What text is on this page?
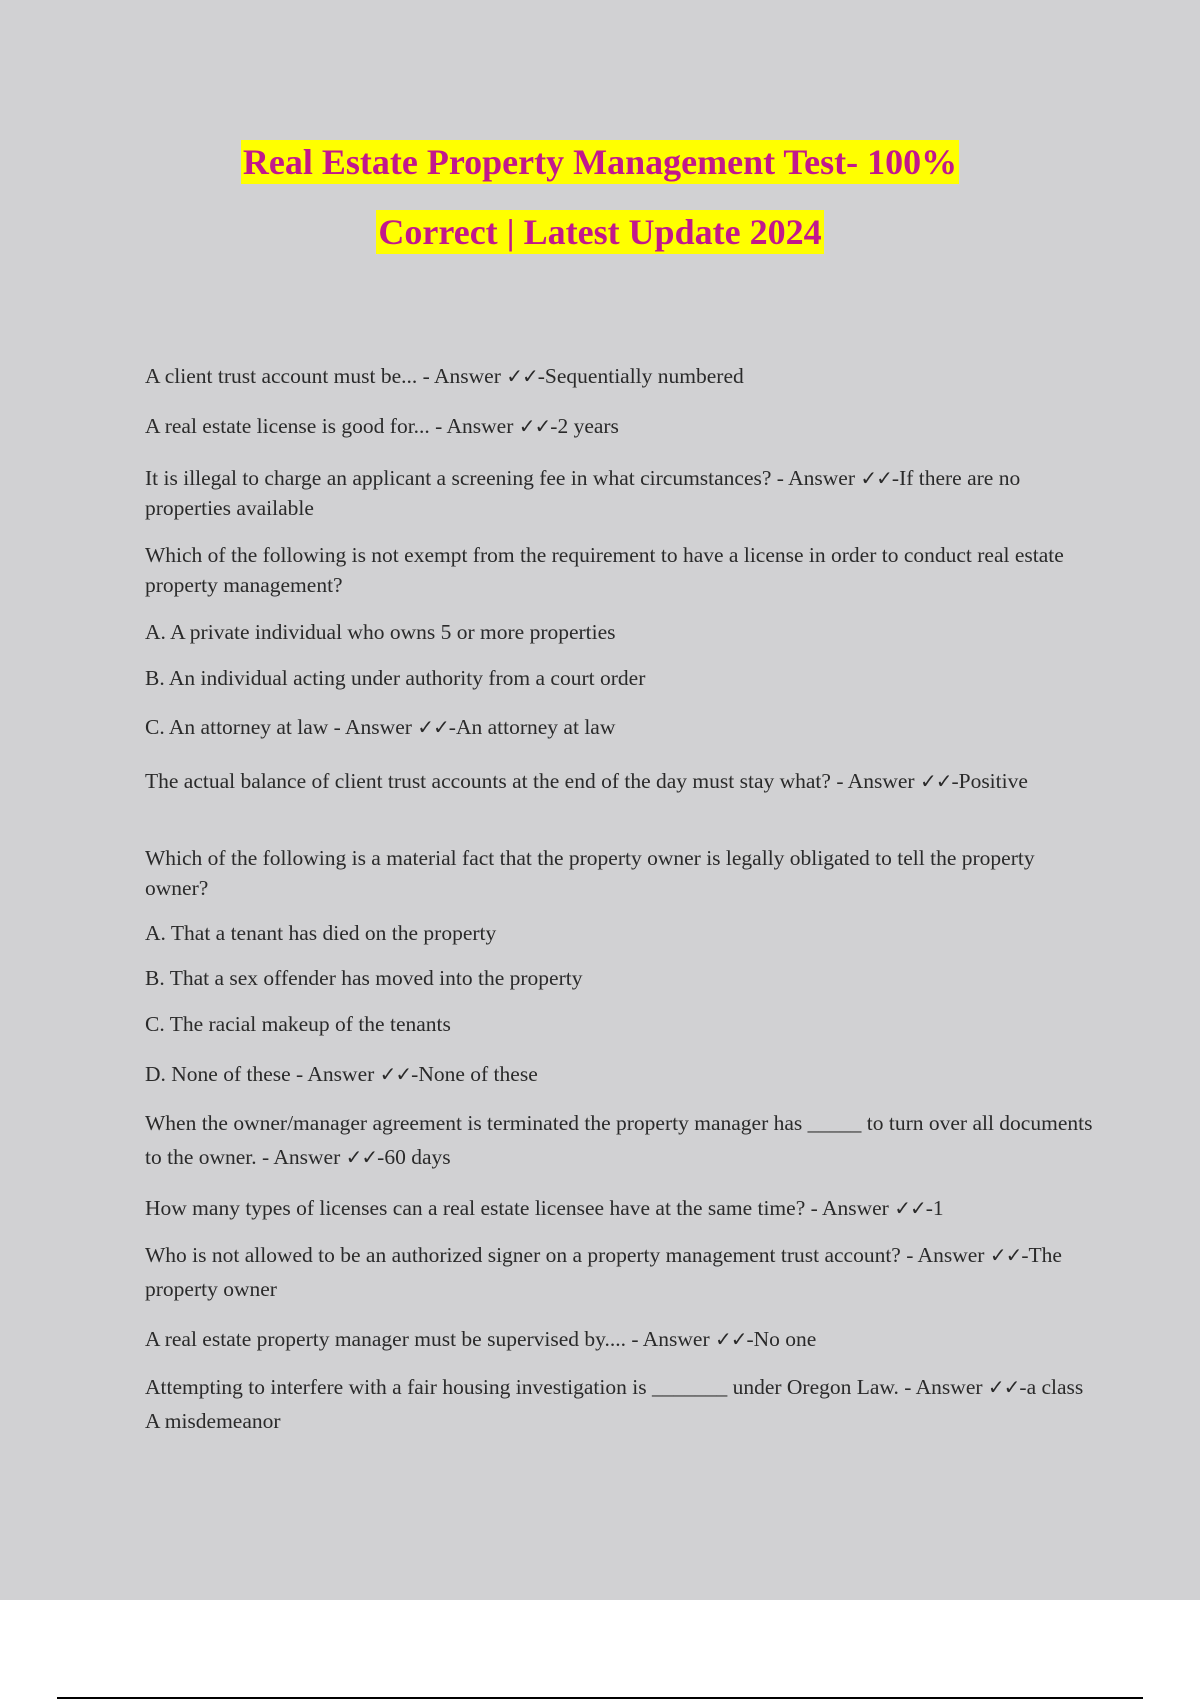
Real Estate Property Management Test- 100%
Correct | Latest Update 2024

A client trust account must be... - Answer ✓✓-Sequentially numbered

A real estate license is good for... - Answer ✓✓-2 years

It is illegal to charge an applicant a screening fee in what circumstances? - Answer ✓✓-If there are no properties available

Which of the following is not exempt from the requirement to have a license in order to conduct real estate property management?

A. A private individual who owns 5 or more properties

B. An individual acting under authority from a court order

C. An attorney at law - Answer ✓✓-An attorney at law

The actual balance of client trust accounts at the end of the day must stay what? - Answer ✓✓-Positive

Which of the following is a material fact that the property owner is legally obligated to tell the property owner?

A. That a tenant has died on the property

B. That a sex offender has moved into the property

C. The racial makeup of the tenants

D. None of these - Answer ✓✓-None of these

When the owner/manager agreement is terminated the property manager has _____ to turn over all documents to the owner. - Answer ✓✓-60 days

How many types of licenses can a real estate licensee have at the same time? - Answer ✓✓-1

Who is not allowed to be an authorized signer on a property management trust account? - Answer ✓✓-The property owner

A real estate property manager must be supervised by.... - Answer ✓✓-No one

Attempting to interfere with a fair housing investigation is _______ under Oregon Law. - Answer ✓✓-a class A misdemeanor
